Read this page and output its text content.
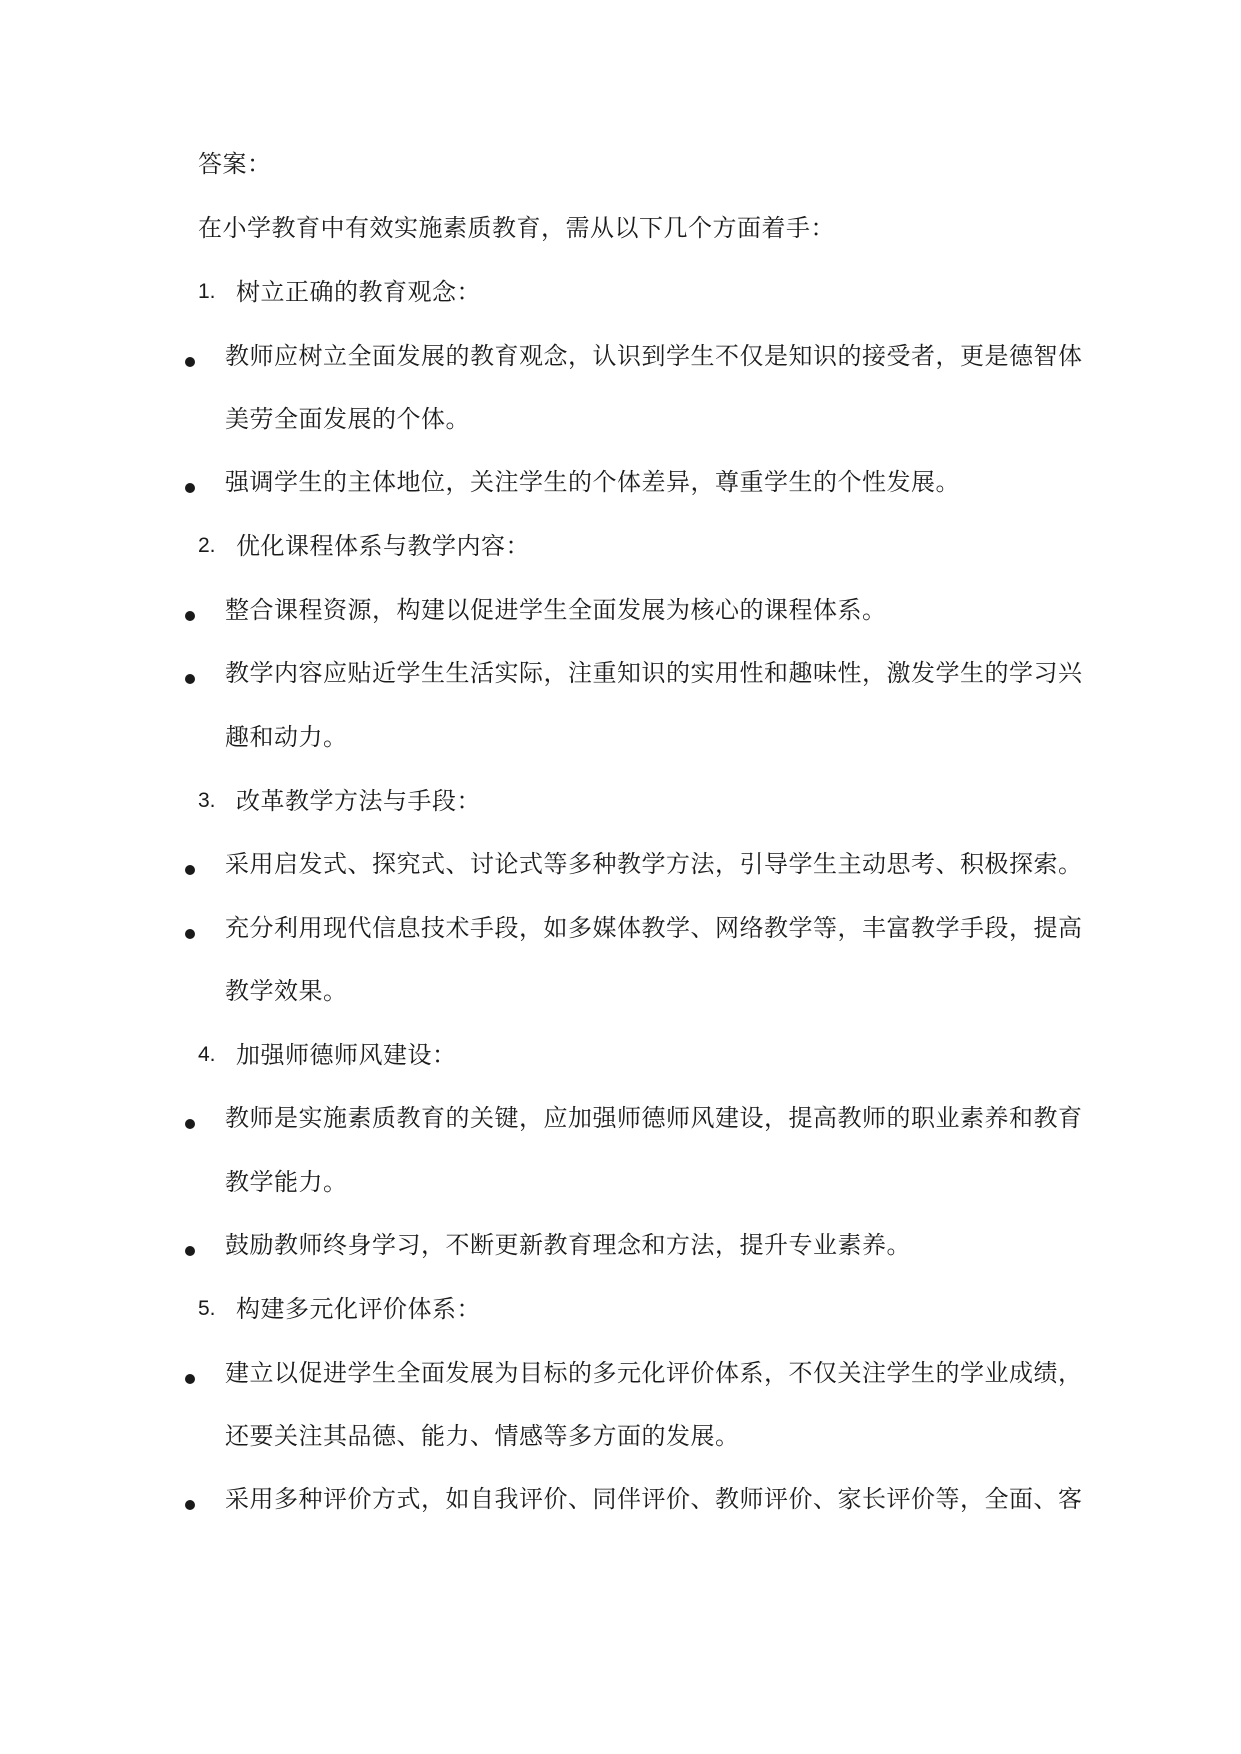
答案：
在小学教育中有效实施素质教育，需从以下几个方面着手：
1. 树立正确的教育观念：
教师应树立全面发展的教育观念，认识到学生不仅是知识的接受者，更是德智体
美劳全面发展的个体。
强调学生的主体地位，关注学生的个体差异，尊重学生的个性发展。
2. 优化课程体系与教学内容：
整合课程资源，构建以促进学生全面发展为核心的课程体系。
教学内容应贴近学生生活实际，注重知识的实用性和趣味性，激发学生的学习兴
趣和动力。
3. 改革教学方法与手段：
采用启发式、探究式、讨论式等多种教学方法，引导学生主动思考、积极探索。
充分利用现代信息技术手段，如多媒体教学、网络教学等，丰富教学手段，提高
教学效果。
4. 加强师德师风建设：
教师是实施素质教育的关键，应加强师德师风建设，提高教师的职业素养和教育
教学能力。
鼓励教师终身学习，不断更新教育理念和方法，提升专业素养。
5. 构建多元化评价体系：
建立以促进学生全面发展为目标的多元化评价体系，不仅关注学生的学业成绩，
还要关注其品德、能力、情感等多方面的发展。
采用多种评价方式，如自我评价、同伴评价、教师评价、家长评价等，全面、客
